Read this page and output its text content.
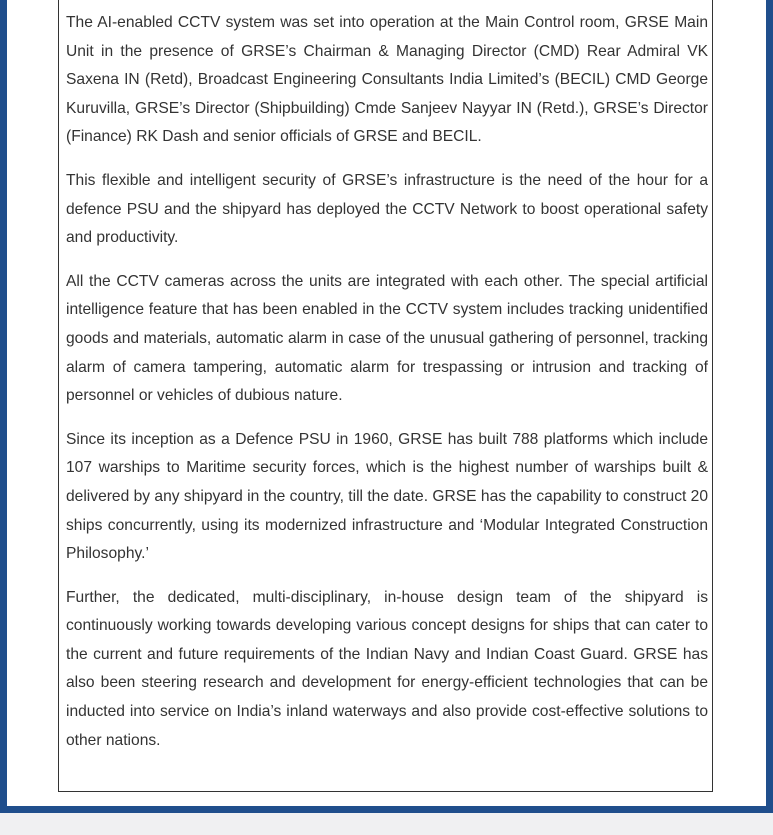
The AI-enabled CCTV system was set into operation at the Main Control room, GRSE Main Unit in the presence of GRSE’s Chairman & Managing Director (CMD) Rear Admiral VK Saxena IN (Retd), Broadcast Engineering Consultants India Limited’s (BECIL) CMD George Kuruvilla, GRSE’s Director (Shipbuilding) Cmde Sanjeev Nayyar IN (Retd.), GRSE’s Director (Finance) RK Dash and senior officials of GRSE and BECIL.

This flexible and intelligent security of GRSE’s infrastructure is the need of the hour for a defence PSU and the shipyard has deployed the CCTV Network to boost operational safety and productivity.

All the CCTV cameras across the units are integrated with each other. The special artificial intelligence feature that has been enabled in the CCTV system includes tracking unidentified goods and materials, automatic alarm in case of the unusual gathering of personnel, tracking alarm of camera tampering, automatic alarm for trespassing or intrusion and tracking of personnel or vehicles of dubious nature.

Since its inception as a Defence PSU in 1960, GRSE has built 788 platforms which include 107 warships to Maritime security forces, which is the highest number of warships built & delivered by any shipyard in the country, till the date. GRSE has the capability to construct 20 ships concurrently, using its modernized infrastructure and ‘Modular Integrated Construction Philosophy.’

Further, the dedicated, multi-disciplinary, in-house design team of the shipyard is continuously working towards developing various concept designs for ships that can cater to the current and future requirements of the Indian Navy and Indian Coast Guard. GRSE has also been steering research and development for energy-efficient technologies that can be inducted into service on India’s inland waterways and also provide cost-effective solutions to other nations.
